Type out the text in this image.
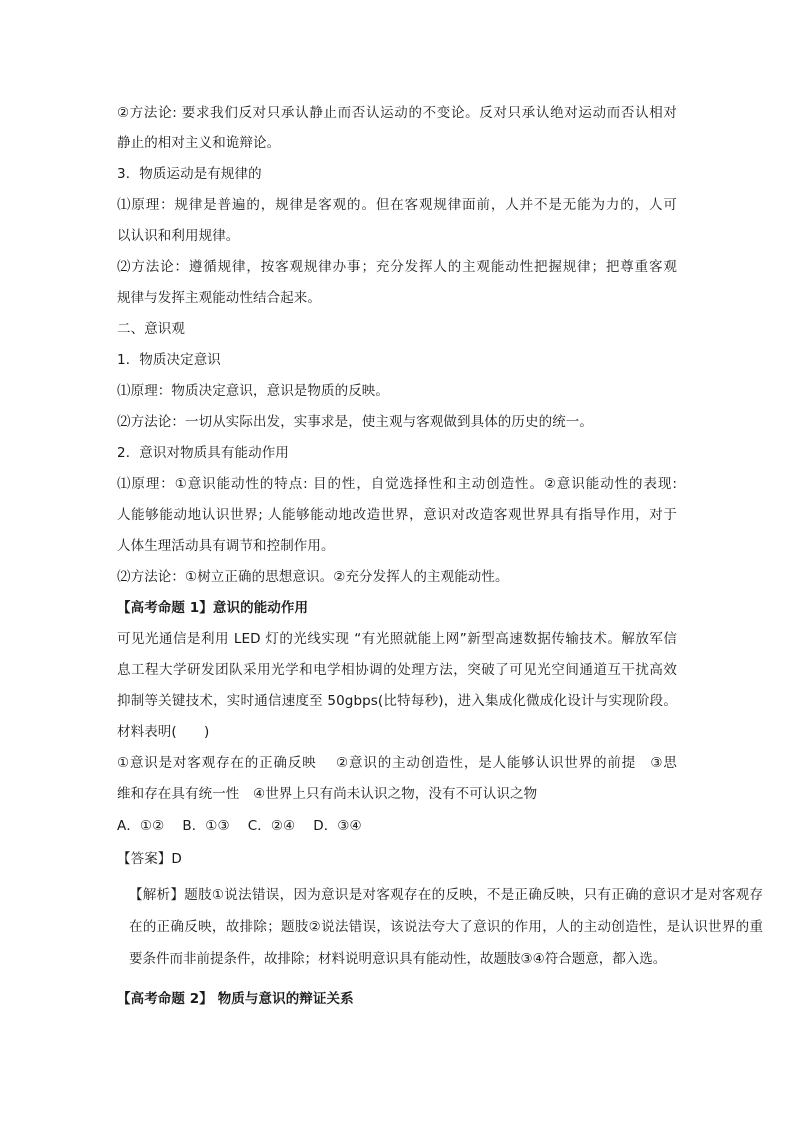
②方法论: 要求我们反对只承认静止而否认运动的不变论。反对只承认绝对运动而否认相对
静止的相对主义和诡辩论。
3．物质运动是有规律的
⑴原理：规律是普遍的，规律是客观的。但在客观规律面前，人并不是无能为力的，人可
以认识和利用规律。
⑵方法论：遵循规律，按客观规律办事；充分发挥人的主观能动性把握规律；把尊重客观
规律与发挥主观能动性结合起来。
二、意识观
1．物质决定意识
⑴原理：物质决定意识，意识是物质的反映。
⑵方法论：一切从实际出发，实事求是，使主观与客观做到具体的历史的统一。
2．意识对物质具有能动作用
⑴原理：①意识能动性的特点: 目的性，自觉选择性和主动创造性。②意识能动性的表现:
人能够能动地认识世界; 人能够能动地改造世界，意识对改造客观世界具有指导作用，对于
人体生理活动具有调节和控制作用。
⑵方法论：①树立正确的思想意识。②充分发挥人的主观能动性。
【高考命题 1】意识的能动作用
可见光通信是利用 LED 灯的光线实现 “有光照就能上网”新型高速数据传输技术。解放军信
息工程大学研发团队采用光学和电学相协调的处理方法，突破了可见光空间通道互干扰高效
抑制等关键技术，实时通信速度至 50gbps(比特每秒)，进入集成化微成化设计与实现阶段。
材料表明(　　)
①意识是对客观存在的正确反映　 ②意识的主动创造性，是人能够认识世界的前提　③思
维和存在具有统一性　④世界上只有尚未认识之物，没有不可认识之物
A．①②　 B．①③　 C．②④　 D．③④
【答案】D
【解析】题肢①说法错误，因为意识是对客观存在的反映，不是正确反映，只有正确的意识才是对客观存
在的正确反映，故排除；题肢②说法错误，该说法夸大了意识的作用，人的主动创造性，是认识世界的重
要条件而非前提条件，故排除；材料说明意识具有能动性，故题肢③④符合题意，都入选。
【高考命题 2】 物质与意识的辩证关系
